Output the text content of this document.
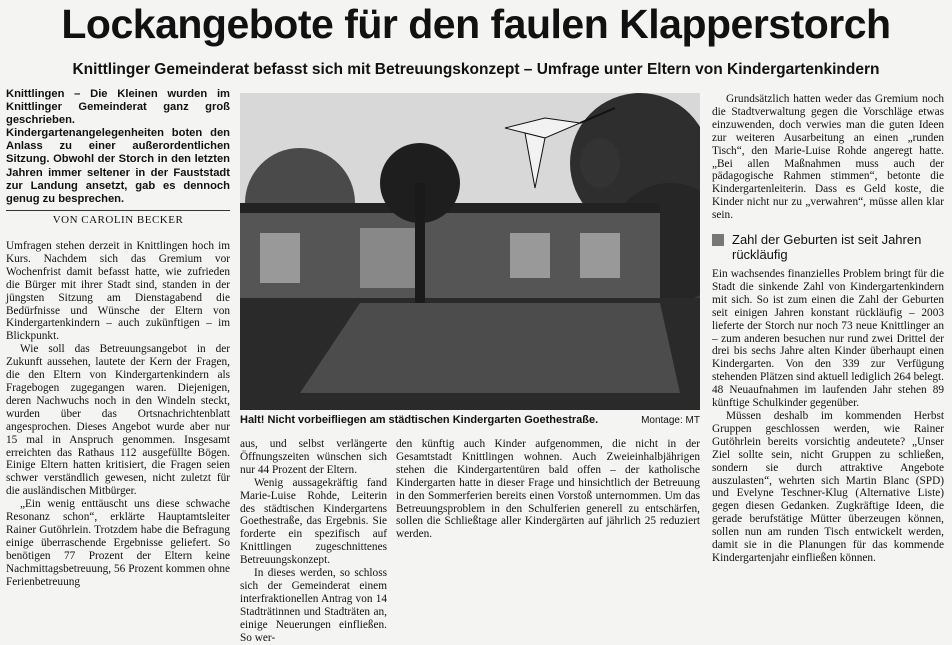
Lockangebote für den faulen Klapperstorch
Knittlinger Gemeinderat befasst sich mit Betreuungskonzept – Umfrage unter Eltern von Kindergartenkindern
Knittlingen – Die Kleinen wurden im Knittlinger Gemeinderat ganz groß geschrieben. Kindergartenangelegenheiten boten den Anlass zu einer außerordentlichen Sitzung. Obwohl der Storch in den letzten Jahren immer seltener in der Fauststadt zur Landung ansetzt, gab es dennoch genug zu besprechen.
VON CAROLIN BECKER

Umfragen stehen derzeit in Knittlingen hoch im Kurs. Nachdem sich das Gremium vor Wochenfrist damit befasst hatte, wie zufrieden die Bürger mit ihrer Stadt sind, standen in der jüngsten Sitzung am Dienstagabend die Bedürfnisse und Wünsche der Eltern von Kindergartenkindern – auch zukünftigen – im Blickpunkt.

Wie soll das Betreuungsangebot in der Zukunft aussehen, lautete der Kern der Fragen, die den Eltern von Kindergartenkindern als Fragebogen zugegangen waren. Diejenigen, deren Nachwuchs noch in den Windeln steckt, wurden über das Ortsnachrichtenblatt angesprochen. Dieses Angebot wurde aber nur 15 mal in Anspruch genommen. Insgesamt erreichten das Rathaus 112 ausgefüllte Bögen. Einige Eltern hatten kritisiert, die Fragen seien schwer verständlich gewesen, nicht zuletzt für die ausländischen Mitbürger.

„Ein wenig enttäuscht uns diese schwache Resonanz schon“, erklärte Hauptamtsleiter Rainer Gutöhrlein. Trotzdem habe die Befragung einige überraschende Ergebnisse geliefert. So benötigen 77 Prozent der Eltern keine Nachmittagsbetreuung, 56 Prozent kommen ohne Ferienbetreuung

Halt! Nicht vorbeifliegen am städtischen Kindergarten Goethestraße.	Montage: MT

aus, und selbst verlängerte Öffnungszeiten wünschen sich nur 44 Prozent der Eltern.

Wenig aussagekräftig fand Marie-Luise Rohde, Leiterin des städtischen Kindergartens Goethestraße, das Ergebnis. Sie forderte ein spezifisch auf Knittlingen zugeschnittenes Betreuungskonzept.

In dieses werden, so schloss sich der Gemeinderat einem interfraktionellen Antrag von 14 Stadträtinnen und Stadträten an, einige Neuerungen einfließen. So wer-

den künftig auch Kinder aufgenommen, die nicht in der Gesamtstadt Knittlingen wohnen. Auch Zweieinhalbjährigen stehen die Kindergartentüren bald offen – der katholische Kindergarten hatte in dieser Frage und hinsichtlich der Betreuung in den Sommerferien bereits einen Vorstoß unternommen. Um das Betreuungsproblem in den Schulferien generell zu entschärfen, sollen die Schließtage aller Kindergärten auf jährlich 25 reduziert werden.

Grundsätzlich hatten weder das Gremium noch die Stadtverwaltung gegen die Vorschläge etwas einzuwenden, doch verwies man die guten Ideen zur weiteren Ausarbeitung an einen „runden Tisch“, den Marie-Luise Rohde angeregt hatte. „Bei allen Maßnahmen muss auch der pädagogische Rahmen stimmen“, betonte die Kindergartenleiterin. Dass es Geld koste, die Kinder nicht nur zu „verwahren“, müsse allen klar sein.

Zahl der Geburten ist seit Jahren rückläufig

Ein wachsendes finanzielles Problem bringt für die Stadt die sinkende Zahl von Kindergartenkindern mit sich. So ist zum einen die Zahl der Geburten seit einigen Jahren konstant rückläufig – 2003 lieferte der Storch nur noch 73 neue Knittlinger an – zum anderen besuchen nur rund zwei Drittel der drei bis sechs Jahre alten Kinder überhaupt einen Kindergarten. Von den 339 zur Verfügung stehenden Plätzen sind aktuell lediglich 264 belegt. 48 Neuaufnahmen im laufenden Jahr stehen 89 künftige Schulkinder gegenüber.

Müssen deshalb im kommenden Herbst Gruppen geschlossen werden, wie Rainer Gutöhrlein bereits vorsichtig andeutete? „Unser Ziel sollte sein, nicht Gruppen zu schließen, sondern sie durch attraktive Angebote auszulasten“, wehrten sich Martin Blanc (SPD) und Evelyne Teschner-Klug (Alternative Liste) gegen diesen Gedanken. Zugkräftige Ideen, die gerade berufstätige Mütter überzeugen können, sollen nun am runden Tisch entwickelt werden, damit sie in die Planungen für das kommende Kindergartenjahr einfließen können.
